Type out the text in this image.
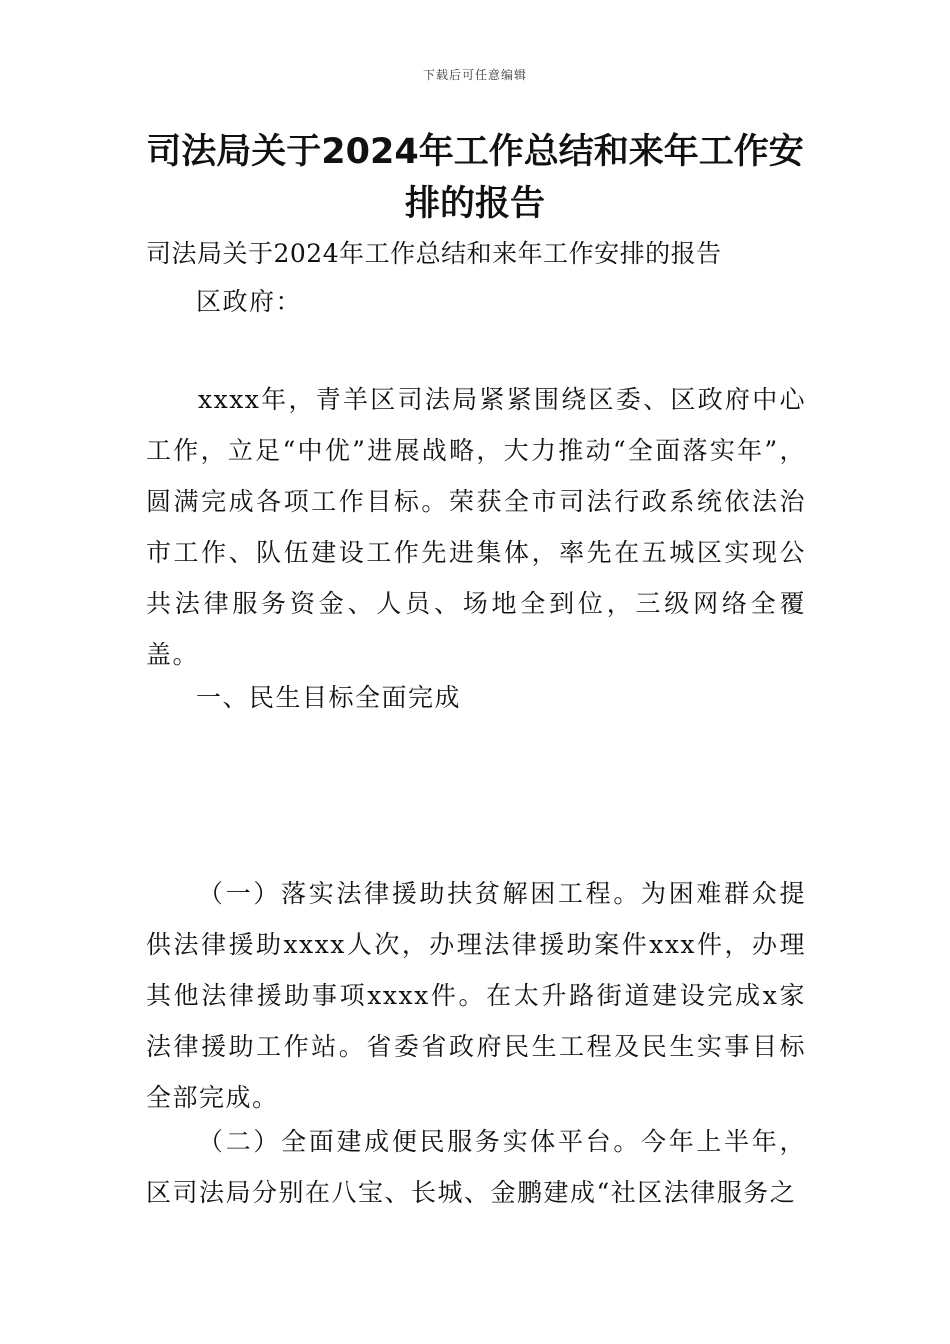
下载后可任意编辑
司法局关于2024年工作总结和来年工作安排的报告

司法局关于2024年工作总结和来年工作安排的报告

区政府：

xxxx年，青羊区司法局紧紧围绕区委、区政府中心工作，立足“中优”进展战略，大力推动“全面落实年”，圆满完成各项工作目标。荣获全市司法行政系统依法治市工作、队伍建设工作先进集体，率先在五城区实现公共法律服务资金、人员、场地全到位，三级网络全覆盖。

一、民生目标全面完成

（一）落实法律援助扶贫解困工程。为困难群众提供法律援助xxxx人次，办理法律援助案件xxx件，办理其他法律援助事项xxxx件。在太升路街道建设完成x家法律援助工作站。省委省政府民生工程及民生实事目标全部完成。

（二）全面建成便民服务实体平台。今年上半年，区司法局分别在八宝、长城、金鹏建成“社区法律服务之
